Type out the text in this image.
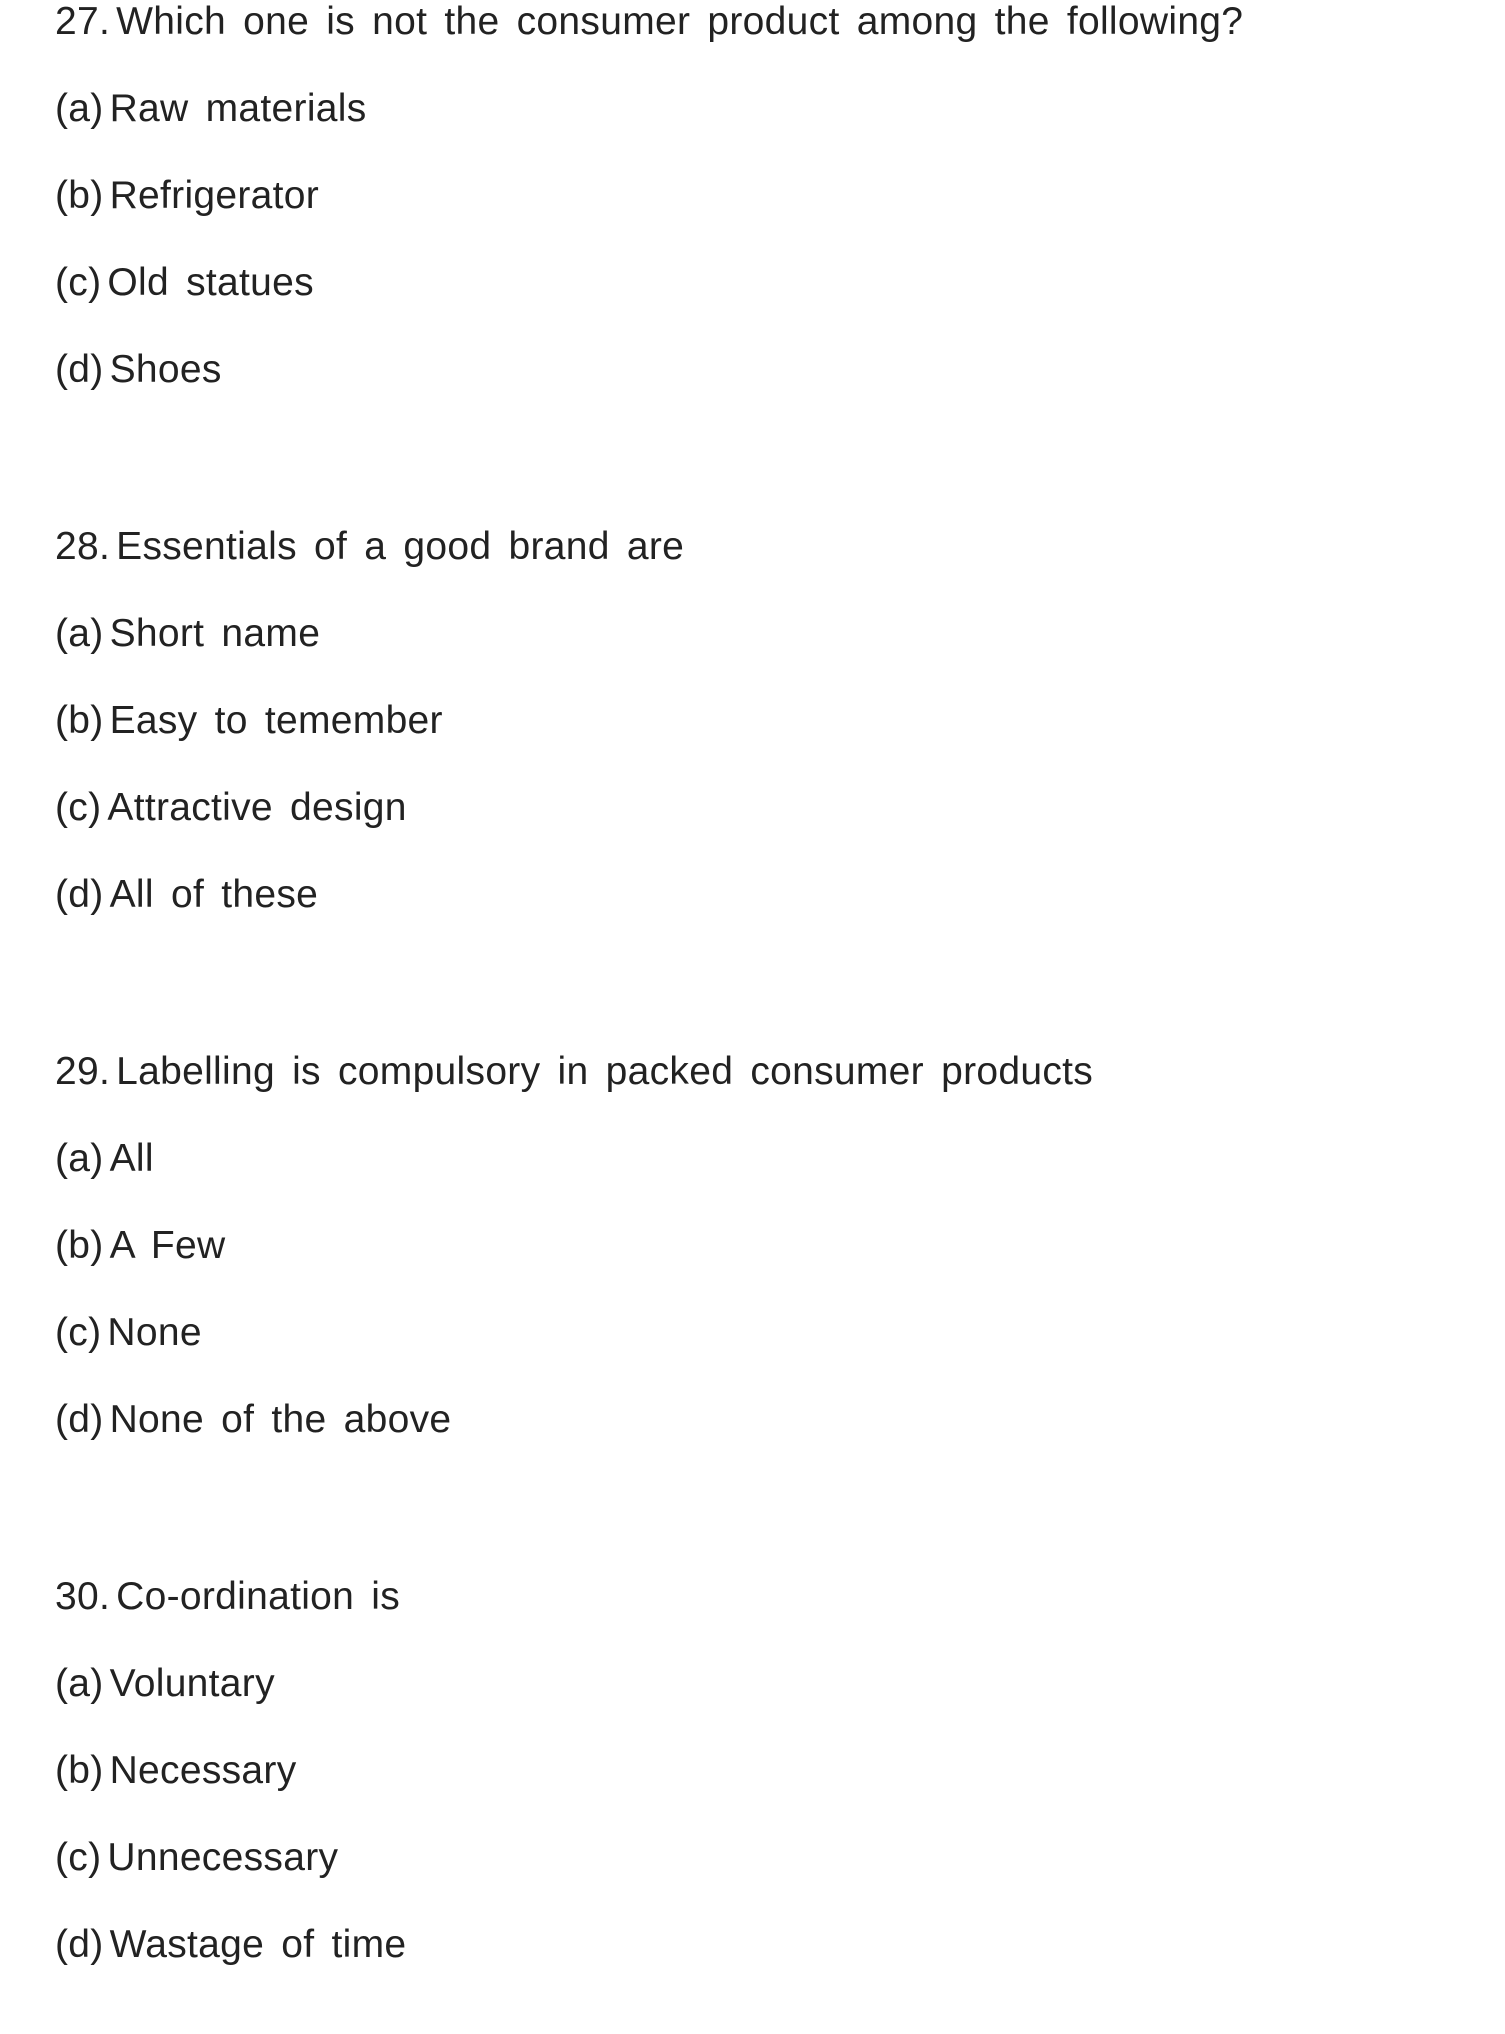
27. Which one is not the consumer product among the following?
(a) Raw materials
(b) Refrigerator
(c) Old statues
(d) Shoes
28. Essentials of a good brand are
(a) Short name
(b) Easy to temember
(c) Attractive design
(d) All of these
29. Labelling is compulsory in packed consumer products
(a) All
(b) A Few
(c) None
(d) None of the above
30. Co-ordination is
(a) Voluntary
(b) Necessary
(c) Unnecessary
(d) Wastage of time
